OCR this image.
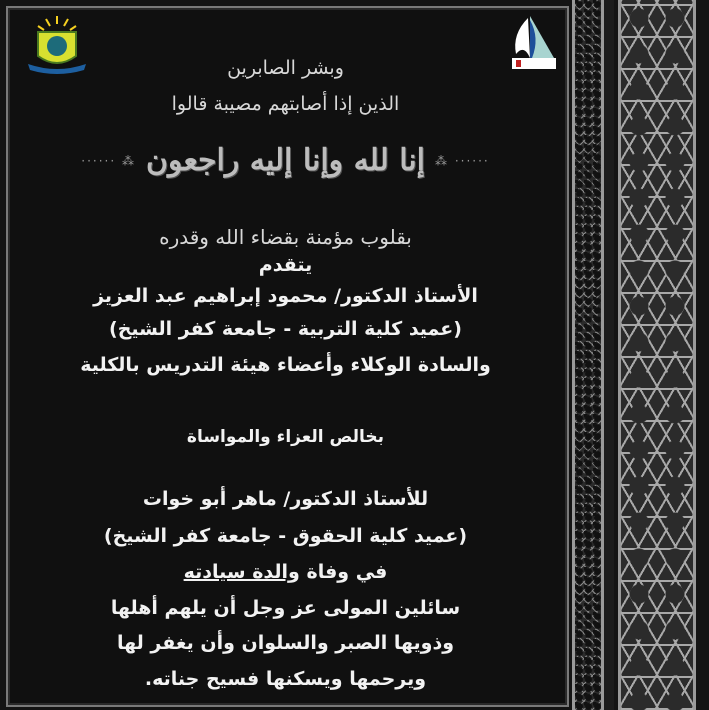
وبشر الصابرين
الذين إذا أصابتهم مصيبة قالوا
······ ⁂ إنا لله وإنا إليه راجعون ⁂ ······
بقلوب مؤمنة بقضاء الله وقدره
يتقدم
الأستاذ الدكتور/ محمود إبراهيم عبد العزيز
(عميد كلية التربية - جامعة كفر الشيخ)
والسادة الوكلاء وأعضاء هيئة التدريس بالكلية
بخالص العزاء والمواساة
للأستاذ الدكتور/ ماهر أبو خوات
(عميد كلية الحقوق - جامعة كفر الشيخ)
في وفاة والدة سيادته
سائلين المولى عز وجل أن يلهم أهلها
وذويها الصبر والسلوان وأن يغفر لها
ويرحمها ويسكنها فسيح جناته.
